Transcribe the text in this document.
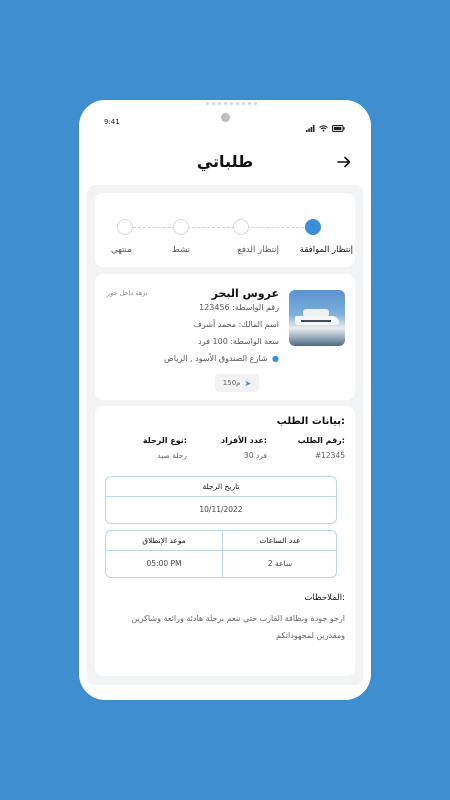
9:41
طلباتي
إنتظار الموافقة
إنتظار الدفع
نشط
منتهي
عروس البحر
نزهة داخل خور
رقم الواسطة: 123456
اسم المالك: محمد أشرف
سعة الواسطة: 100 فرد
● شارع الصندوق الأسود , الرياض
150م ➤
بيانات الطلب:
رقم الطلب:
#12345
عدد الأفراد:
30 فرد
نوع الرحلة:
رحلة صيد
تاريخ الرحلة
10/11/2022
عدد الساعات
2 ساعة
موعد الإنطلاق
05:00 PM
الملاحظات:
ارجو جودة ونظافة القارب حتي ننعم برحلة هادئة ورائعة وشاكرين ومقدرين لمجهوداتكم
